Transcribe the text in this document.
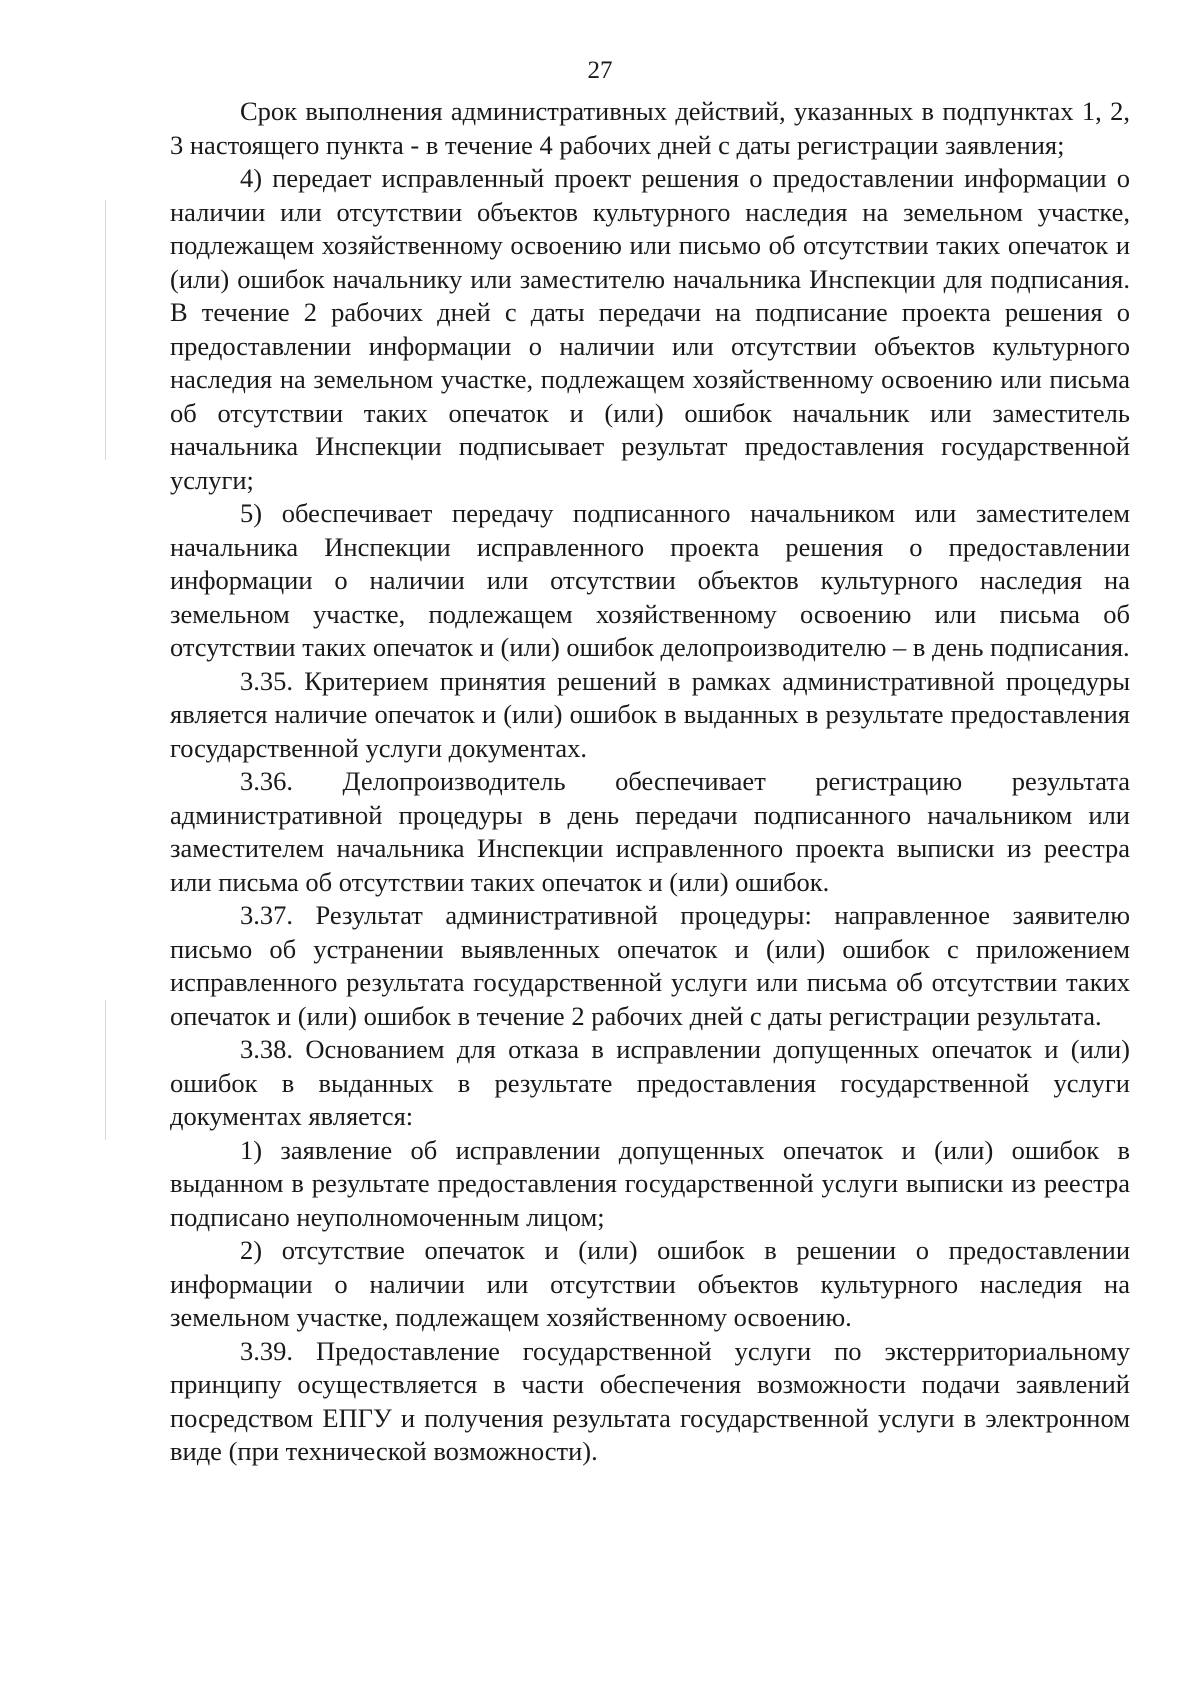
27

Срок выполнения административных действий, указанных в подпунктах 1, 2, 3 настоящего пункта - в течение 4 рабочих дней с даты регистрации заявления;

4) передает исправленный проект решения о предоставлении информации о наличии или отсутствии объектов культурного наследия на земельном участке, подлежащем хозяйственному освоению или письмо об отсутствии таких опечаток и (или) ошибок начальнику или заместителю начальника Инспекции для подписания. В течение 2 рабочих дней с даты передачи на подписание проекта решения о предоставлении информации о наличии или отсутствии объектов культурного наследия на земельном участке, подлежащем хозяйственному освоению или письма об отсутствии таких опечаток и (или) ошибок начальник или заместитель начальника Инспекции подписывает результат предоставления государственной услуги;

5) обеспечивает передачу подписанного начальником или заместителем начальника Инспекции исправленного проекта решения о предоставлении информации о наличии или отсутствии объектов культурного наследия на земельном участке, подлежащем хозяйственному освоению или письма об отсутствии таких опечаток и (или) ошибок делопроизводителю – в день подписания.

3.35. Критерием принятия решений в рамках административной процедуры является наличие опечаток и (или) ошибок в выданных в результате предоставления государственной услуги документах.

3.36. Делопроизводитель обеспечивает регистрацию результата административной процедуры в день передачи подписанного начальником или заместителем начальника Инспекции исправленного проекта выписки из реестра или письма об отсутствии таких опечаток и (или) ошибок.

3.37. Результат административной процедуры: направленное заявителю письмо об устранении выявленных опечаток и (или) ошибок с приложением исправленного результата государственной услуги или письма об отсутствии таких опечаток и (или) ошибок в течение 2 рабочих дней с даты регистрации результата.

3.38. Основанием для отказа в исправлении допущенных опечаток и (или) ошибок в выданных в результате предоставления государственной услуги документах является:

1) заявление об исправлении допущенных опечаток и (или) ошибок в выданном в результате предоставления государственной услуги выписки из реестра подписано неуполномоченным лицом;

2) отсутствие опечаток и (или) ошибок в решении о предоставлении информации о наличии или отсутствии объектов культурного наследия на земельном участке, подлежащем хозяйственному освоению.

3.39. Предоставление государственной услуги по экстерриториальному принципу осуществляется в части обеспечения возможности подачи заявлений посредством ЕПГУ и получения результата государственной услуги в электронном виде (при технической возможности).
